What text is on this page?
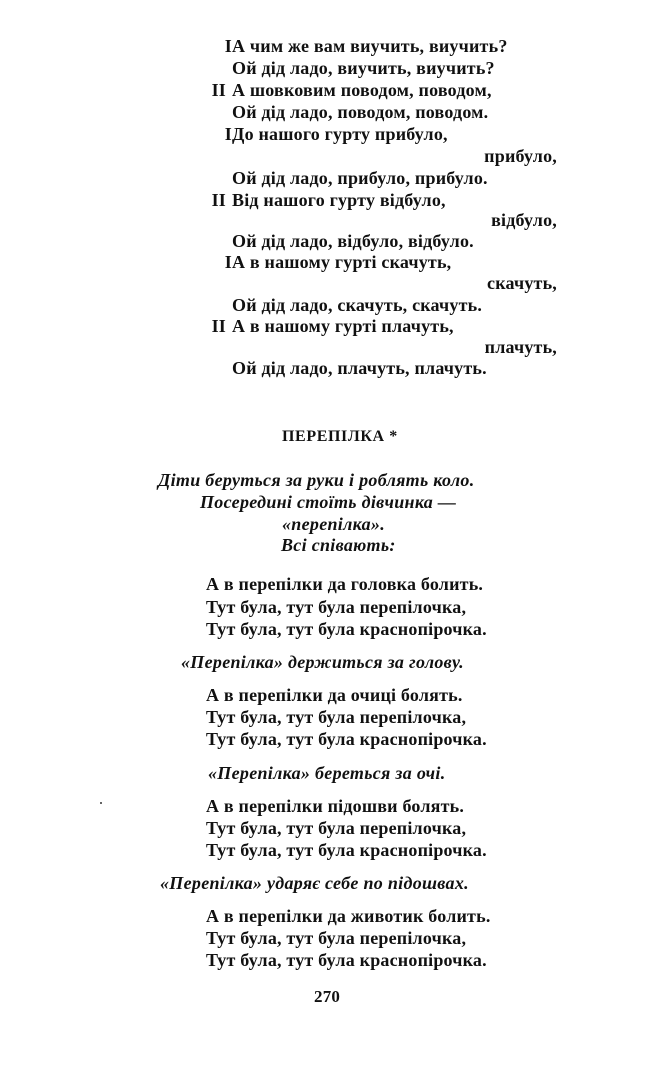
I А чим же вам виучить, виучить?
Ой дід ладо, виучить, виучить?
II А шовковим поводом, поводом,
Ой дід ладо, поводом, поводом.
I До нашого гурту прибуло,
прибуло,
Ой дід ладо, прибуло, прибуло.
II Від нашого гурту відбуло,
відбуло,
Ой дід ладо, відбуло, відбуло.
I А в нашому гурті скачуть,
скачуть,
Ой дід ладо, скачуть, скачуть.
II А в нашому гурті плачуть,
плачуть,
Ой дід ладо, плачуть, плачуть.
ПЕРЕПІЛКА *
Діти беруться за руки і роблять коло.
Посередині стоїть дівчинка —
«перепілка».
Всі співають:
А в перепілки да головка болить.
Тут була, тут була перепілочка,
Тут була, тут була краснопірочка.
«Перепілка» держиться за голову.
А в перепілки да очиці болять.
Тут була, тут була перепілочка,
Тут була, тут була краснопірочка.
«Перепілка» береться за очі.
А в перепілки підошви болять.
Тут була, тут була перепілочка,
Тут була, тут була краснопірочка.
«Перепілка» ударяє себе по підошвах.
А в перепілки да животик болить.
Тут була, тут була перепілочка,
Тут була, тут була краснопірочка.
270
